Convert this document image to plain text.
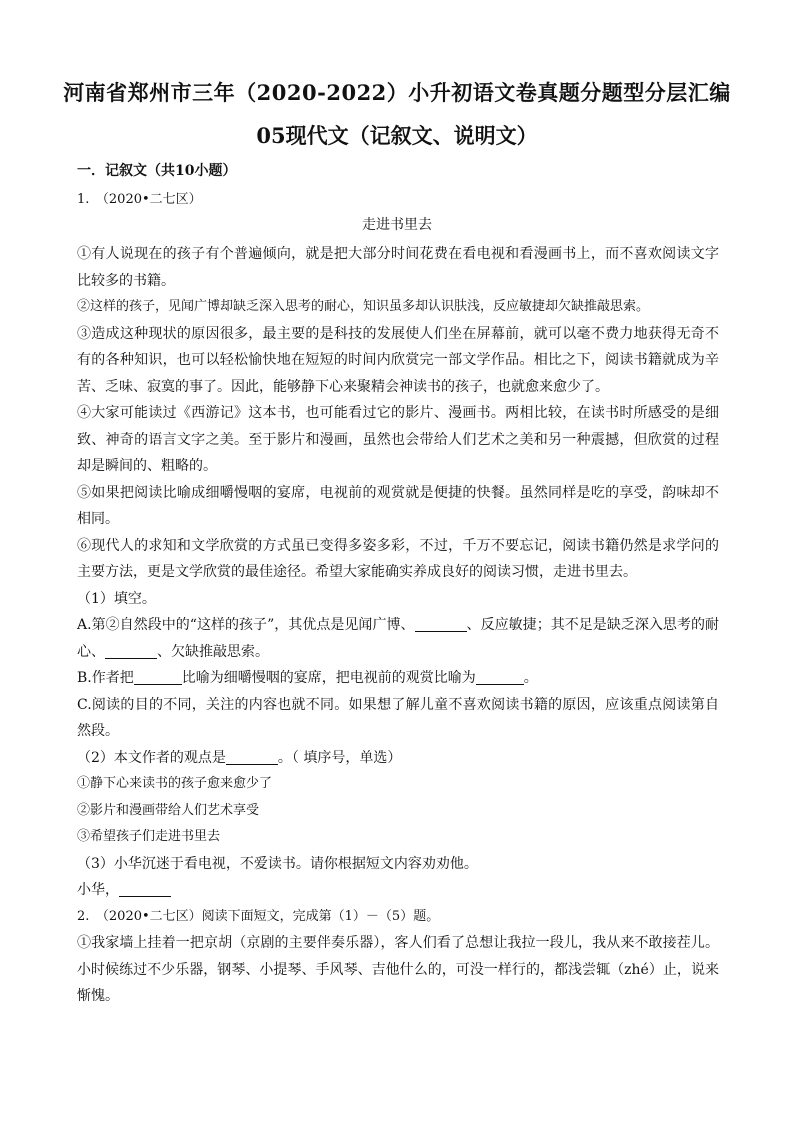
河南省郑州市三年（2020-2022）小升初语文卷真题分题型分层汇编
05现代文（记叙文、说明文）
一．记叙文（共10小题）
1.　（2020•二七区）
走进书里去

①有人说现在的孩子有个普遍倾向，就是把大部分时间花费在看电视和看漫画书上，而不喜欢阅读文字比较多的书籍。

②这样的孩子，见闻广博却缺乏深入思考的耐心，知识虽多却认识肤浅，反应敏捷却欠缺推敲思索。

③造成这种现状的原因很多，最主要的是科技的发展使人们坐在屏幕前，就可以毫不费力地获得无奇不有的各种知识，也可以轻松愉快地在短短的时间内欣赏完一部文学作品。相比之下，阅读书籍就成为辛苦、乏味、寂寞的事了。因此，能够静下心来聚精会神读书的孩子，也就愈来愈少了。

④大家可能读过《西游记》这本书，也可能看过它的影片、漫画书。两相比较，在读书时所感受的是细致、神奇的语言文字之美。至于影片和漫画，虽然也会带给人们艺术之美和另一种震撼，但欣赏的过程却是瞬间的、粗略的。

⑤如果把阅读比喻成细嚼慢咽的宴席，电视前的观赏就是便捷的快餐。虽然同样是吃的享受，韵味却不相同。

⑥现代人的求知和文学欣赏的方式虽已变得多姿多彩，不过，千万不要忘记，阅读书籍仍然是求学问的主要方法，更是文学欣赏的最佳途径。希望大家能确实养成良好的阅读习惯，走进书里去。

（1）填空。

A.第②自然段中的“这样的孩子”，其优点是见闻广博、	、反应敏捷；其不足是缺乏深入思考的耐心、	、欠缺推敲思索。

B.作者把	比喻为细嚼慢咽的宴席，把电视前的观赏比喻为	。

C.阅读的目的不同，关注的内容也就不同。如果想了解儿童不喜欢阅读书籍的原因，应该重点阅读第自然段。

（2）本文作者的观点是	。（ 填序号，单选）

①静下心来读书的孩子愈来愈少了

②影片和漫画带给人们艺术享受

③希望孩子们走进书里去

（3）小华沉迷于看电视，不爱读书。请你根据短文内容劝劝他。

小华，

2.　（2020•二七区）阅读下面短文，完成第（1）－（5）题。

①我家墙上挂着一把京胡（京剧的主要伴奏乐器），客人们看了总想让我拉一段儿，我从来不敢接茬儿。小时候练过不少乐器，钢琴、小提琴、手风琴、吉他什么的，可没一样行的，都浅尝辄（zhé）止，说来惭愧。
